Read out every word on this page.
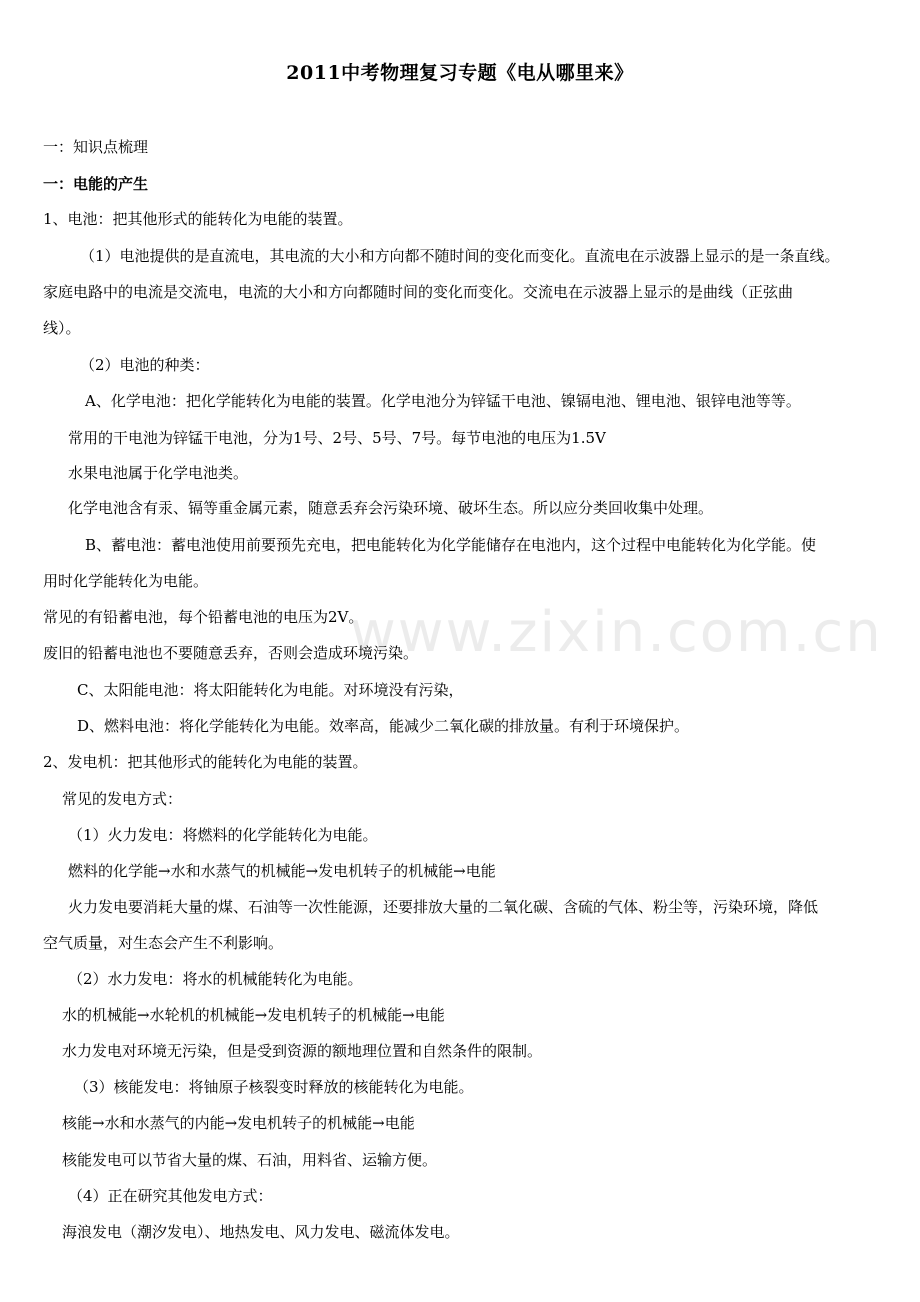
www.zixin.com.cn
2011中考物理复习专题《电从哪里来》
一：知识点梳理
一：电能的产生
1、电池：把其他形式的能转化为电能的装置。
（1）电池提供的是直流电，其电流的大小和方向都不随时间的变化而变化。直流电在示波器上显示的是一条直线。
家庭电路中的电流是交流电，电流的大小和方向都随时间的变化而变化。交流电在示波器上显示的是曲线（正弦曲
线）。
（2）电池的种类：
A、化学电池：把化学能转化为电能的装置。化学电池分为锌锰干电池、镍镉电池、锂电池、银锌电池等等。
常用的干电池为锌锰干电池，分为1号、2号、5号、7号。每节电池的电压为1.5V
水果电池属于化学电池类。
化学电池含有汞、镉等重金属元素，随意丢弃会污染环境、破坏生态。所以应分类回收集中处理。
B、蓄电池：蓄电池使用前要预先充电，把电能转化为化学能储存在电池内，这个过程中电能转化为化学能。使
用时化学能转化为电能。
常见的有铅蓄电池，每个铅蓄电池的电压为2V。
废旧的铅蓄电池也不要随意丢弃，否则会造成环境污染。
C、太阳能电池：将太阳能转化为电能。对环境没有污染，
D、燃料电池：将化学能转化为电能。效率高，能减少二氧化碳的排放量。有利于环境保护。
2、发电机：把其他形式的能转化为电能的装置。
常见的发电方式：
（1）火力发电：将燃料的化学能转化为电能。
燃料的化学能→水和水蒸气的机械能→发电机转子的机械能→电能
火力发电要消耗大量的煤、石油等一次性能源，还要排放大量的二氧化碳、含硫的气体、粉尘等，污染环境，降低
空气质量，对生态会产生不利影响。
（2）水力发电：将水的机械能转化为电能。
水的机械能→水轮机的机械能→发电机转子的机械能→电能
水力发电对环境无污染，但是受到资源的额地理位置和自然条件的限制。
（3）核能发电：将铀原子核裂变时释放的核能转化为电能。
核能→水和水蒸气的内能→发电机转子的机械能→电能
核能发电可以节省大量的煤、石油，用料省、运输方便。
（4）正在研究其他发电方式：
海浪发电（潮汐发电）、地热发电、风力发电、磁流体发电。
